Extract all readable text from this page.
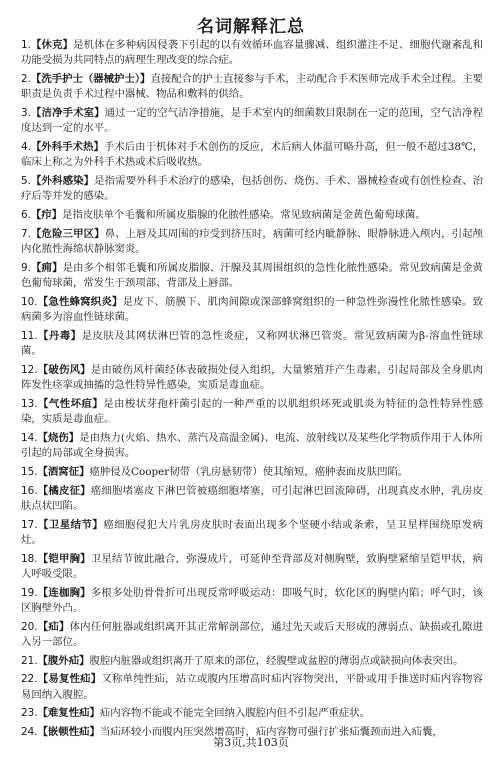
名词解释汇总
1.【休克】是机体在多种病因侵袭下引起的以有效循环血容量骤减、组织灌注不足、细胞代谢紊乱和功能受损为共同特点的病理生理改变的综合症。
2.【洗手护士（器械护士）】直接配合的护士直接参与手术，主动配合手术医师完成手术全过程。主要职责是负责手术过程中器械、物品和敷料的供给。
3.【洁净手术室】通过一定的空气洁净措施，是手术室内的细菌数目限制在一定的范围，空气洁净程度达到一定的水平。
4.【外科手术热】手术后由于机体对手术创伤的反应，术后病人体温可略升高，但一般不超过38℃，临床上称之为外科手术热或术后吸收热。
5.【外科感染】是指需要外科手术治疗的感染，包括创伤、烧伤、手术、器械检查或有创性检查、治疗后等并发的感染。
6.【疖】是指皮肤单个毛囊和所属皮脂腺的化脓性感染。常见致病菌是金黄色葡萄球菌。
7.【危险三甲区】鼻、上唇及其周围的疖受到挤压时，病菌可经内眦静脉、眼静脉进入颅内，引起颅内化脓性海绵状静脉窦炎。
9.【痈】是由多个相邻毛囊和所属皮脂腺、汗腺及其周围组织的急性化脓性感染。常见致病菌是金黄色葡萄球菌，常发生于颈项部、背部及上唇部。
10.【急性蜂窝织炎】是皮下、筋膜下、肌肉间隙或深部蜂窝组织的一种急性弥漫性化脓性感染。致病菌多为溶血性链球菌。
11.【丹毒】是皮肤及其网状淋巴管的急性炎症，又称网状淋巴管炎。常见致病菌为β-溶血性链球菌。
12.【破伤风】是由破伤风杆菌经体表破损处侵入组织，大量繁殖并产生毒素，引起局部及全身肌肉阵发性痉挛或抽搐的急性特异性感染，实质是毒血症。
13.【气性坏疽】是由梭状芽孢杆菌引起的一种严重的以肌组织坏死或肌炎为特征的急性特异性感染，实质是毒血症。
14.【烧伤】是由热力(火焰、热水、蒸汽及高温金属)、电流、放射线以及某些化学物质作用于人体所引起的局部或全身损害。
15.【酒窝征】癌肿侵及Cooper韧带（乳房悬韧带）使其缩短，癌肿表面皮肤凹陷。
16.【橘皮征】癌细胞堵塞皮下淋巴管被癌细胞堵塞，可引起淋巴回流障碍，出现真皮水肿，乳房皮肤点状凹陷。
17.【卫星结节】癌细胞侵犯大片乳房皮肤时表面出现多个坚硬小结或条索，呈卫星样围绕原发病灶。
18.【铠甲胸】卫星结节彼此融合，弥漫成片，可延伸至背部及对侧胸壁，致胸壁紧缩呈铠甲状，病人呼吸受限。
19.【连枷胸】多根多处肋骨骨折可出现反常呼吸运动：即吸气时，软化区的胸壁内陷；呼气时，该区胸壁外凸。
20.【疝】体内任何脏器或组织离开其正常解剖部位，通过先天或后天形成的薄弱点、缺损或孔隙进入另一部位。
21.【腹外疝】腹腔内脏器或组织离开了原来的部位，经腹壁或盆腔的薄弱点或缺损向体表突出。
22.【易复性疝】又称单纯性疝，站立或腹内压增高时疝内容物突出，平卧或用手推送时疝内容物容易回纳入腹腔。
23.【难复性疝】疝内容物不能或不能完全回纳入腹腔内但不引起严重症状。
24.【嵌顿性疝】当疝环较小而腹内压突然增高时，疝内容物可强行扩张疝囊颈而进入疝囊，
第3页,共103页
